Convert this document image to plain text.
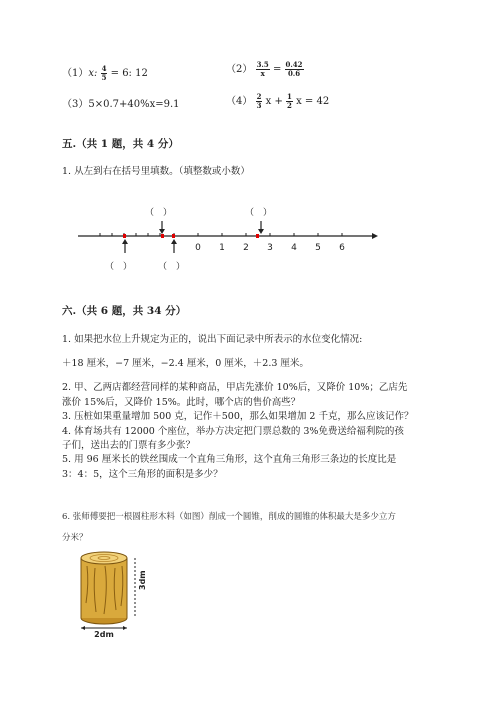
（1）x: $\frac{4}{5} = 6$: 12	$(2) \frac{3.5}{x} = \frac{0.42}{0.6}$
（3）5×0.7+40%x=9.1	$(4) \frac{2}{3}$ $x + \frac{1}{2}$ x = 42
五.（共 1 题，共 4 分）
1. 从左到右在括号里填数。（填整数或小数）
（　）	（　）
（　）	（　）
0 1 2 3 4 5 6
六.（共 6 题，共 34 分）
1. 如果把水位上升规定为正的，说出下面记录中所表示的水位变化情况:
＋18 厘米，−7 厘米，−2.4 厘米，0 厘米，＋2.3 厘米。
2. 甲、乙两店都经营同样的某种商品，甲店先涨价 10%后，又降价 10%；乙店先
涨价 15%后，又降价 15%。此时，哪个店的售价高些？
3. 压桩如果重量增加 500 克，记作＋500，那么如果增加 2 千克，那么应该记作？
4. 体育场共有 12000 个座位，举办方决定把门票总数的 3%免费送给福利院的孩
子们，送出去的门票有多少张？
5. 用 96 厘米长的铁丝围成一个直角三角形，这个直角三角形三条边的长度比是
3：4：5，这个三角形的面积是多少？
6. 张师傅要把一根圆柱形木料（如图）削成一个圆锥，削成的圆锥的体积最大是多少立方
分米？
3dm
2dm
